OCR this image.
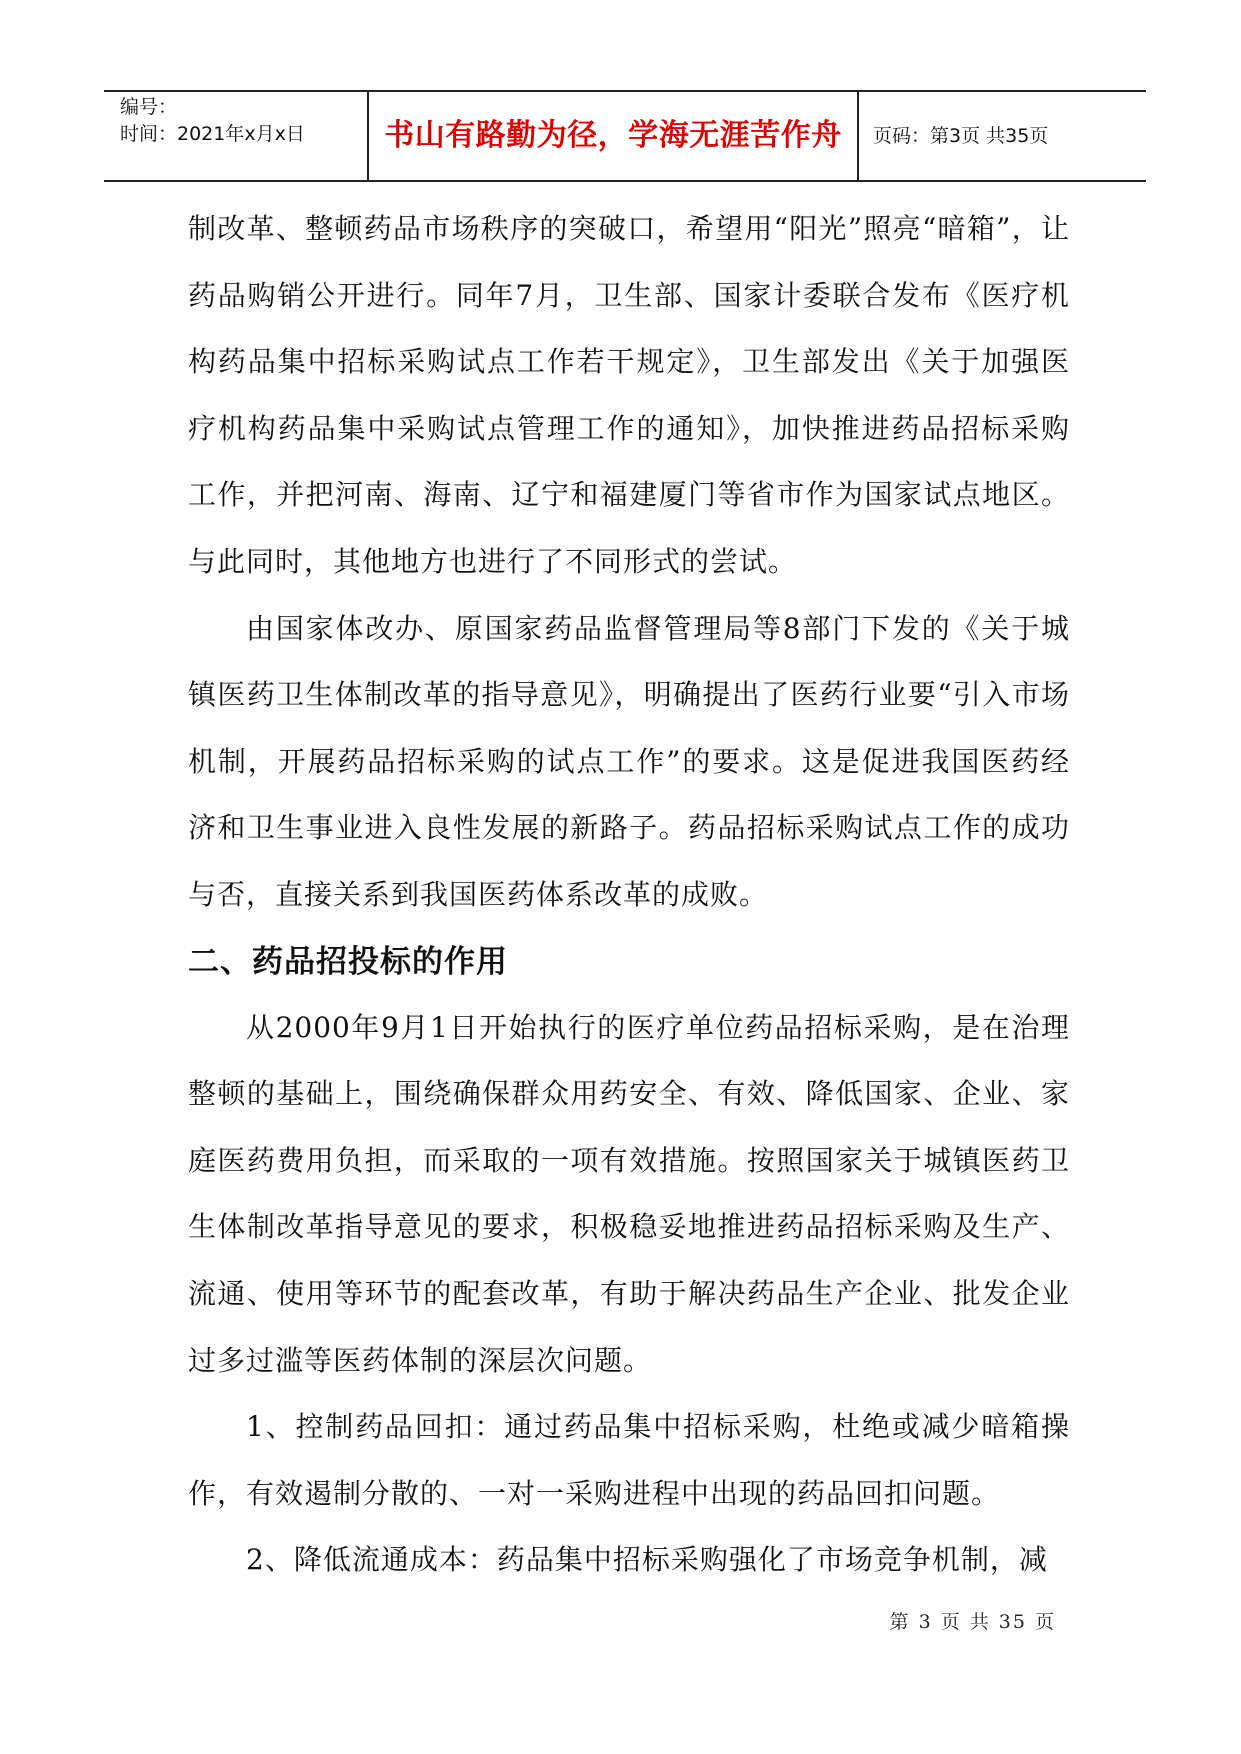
编号：
时间：2021年x月x日	书山有路勤为径，学海无涯苦作舟	页码：第3页 共35页

制改革、整顿药品市场秩序的突破口，希望用“阳光”照亮“暗箱”，让药品购销公开进行。同年7月，卫生部、国家计委联合发布《医疗机构药品集中招标采购试点工作若干规定》，卫生部发出《关于加强医疗机构药品集中采购试点管理工作的通知》，加快推进药品招标采购工作，并把河南、海南、辽宁和福建厦门等省市作为国家试点地区。与此同时，其他地方也进行了不同形式的尝试。

由国家体改办、原国家药品监督管理局等8部门下发的《关于城镇医药卫生体制改革的指导意见》，明确提出了医药行业要“引入市场机制，开展药品招标采购的试点工作”的要求。这是促进我国医药经济和卫生事业进入良性发展的新路子。药品招标采购试点工作的成功与否，直接关系到我国医药体系改革的成败。

二、药品招投标的作用

从2000年9月1日开始执行的医疗单位药品招标采购，是在治理整顿的基础上，围绕确保群众用药安全、有效、降低国家、企业、家庭医药费用负担，而采取的一项有效措施。按照国家关于城镇医药卫生体制改革指导意见的要求，积极稳妥地推进药品招标采购及生产、流通、使用等环节的配套改革，有助于解决药品生产企业、批发企业过多过滥等医药体制的深层次问题。

1、控制药品回扣：通过药品集中招标采购，杜绝或减少暗箱操作，有效遏制分散的、一对一采购进程中出现的药品回扣问题。

2、降低流通成本：药品集中招标采购强化了市场竞争机制，减

第 3 页 共 35 页
